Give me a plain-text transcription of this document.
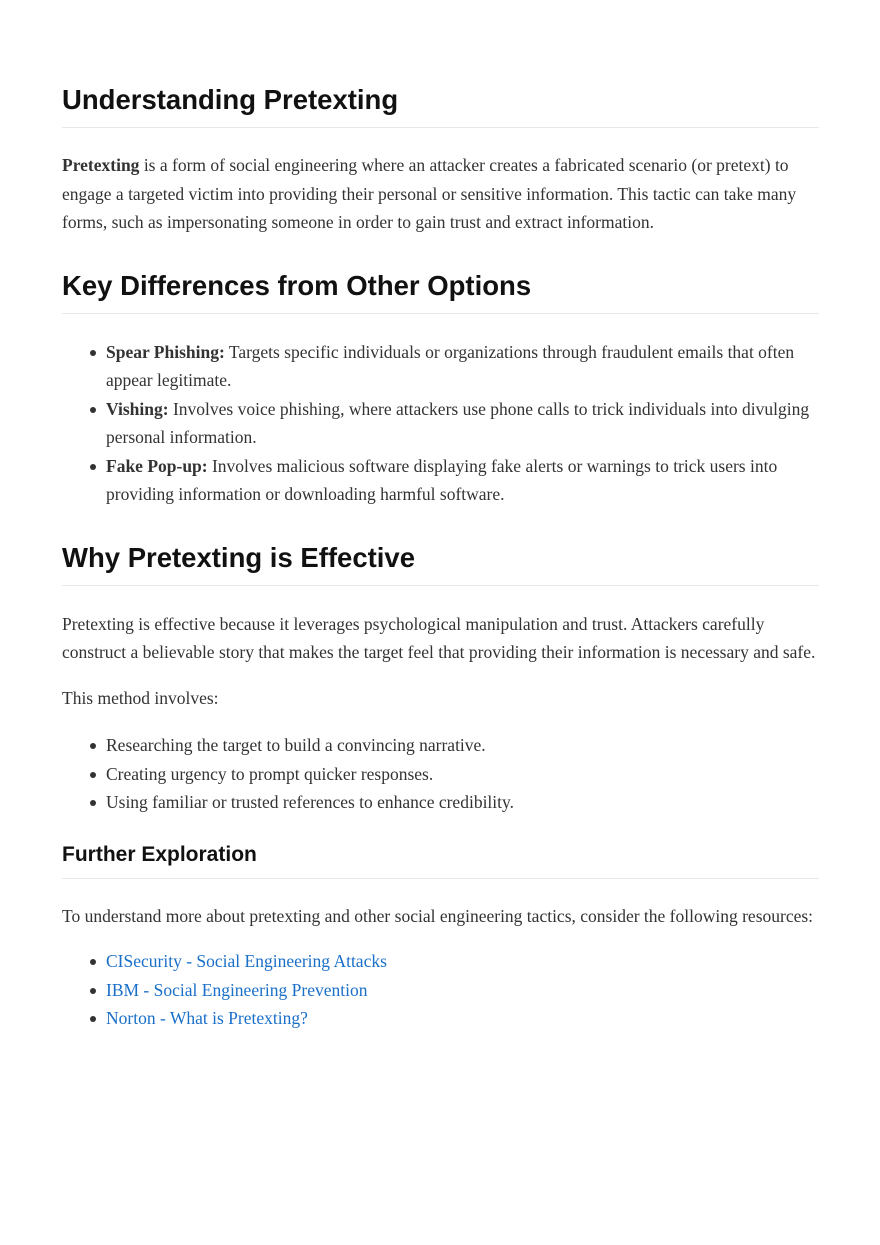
Understanding Pretexting

Pretexting is a form of social engineering where an attacker creates a fabricated scenario (or pretext) to engage a targeted victim into providing their personal or sensitive information. This tactic can take many forms, such as impersonating someone in order to gain trust and extract information.

Key Differences from Other Options
Spear Phishing: Targets specific individuals or organizations through fraudulent emails that often appear legitimate.
Vishing: Involves voice phishing, where attackers use phone calls to trick individuals into divulging personal information.
Fake Pop-up: Involves malicious software displaying fake alerts or warnings to trick users into providing information or downloading harmful software.
Why Pretexting is Effective

Pretexting is effective because it leverages psychological manipulation and trust. Attackers carefully construct a believable story that makes the target feel that providing their information is necessary and safe.

This method involves:

Researching the target to build a convincing narrative.
Creating urgency to prompt quicker responses.
Using familiar or trusted references to enhance credibility.
Further Exploration

To understand more about pretexting and other social engineering tactics, consider the following resources:

CISecurity - Social Engineering Attacks
IBM - Social Engineering Prevention
Norton - What is Pretexting?
